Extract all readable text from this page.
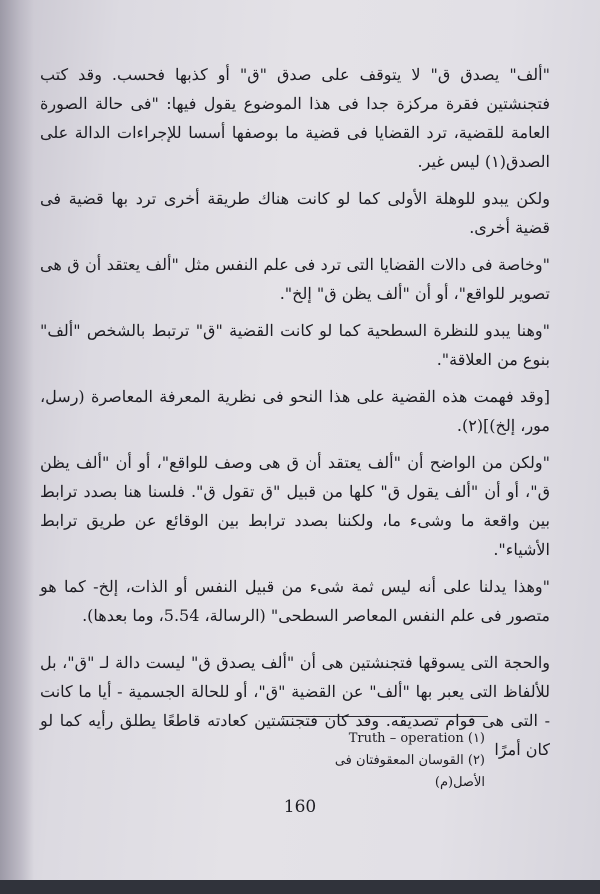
"ألف" يصدق ق" لا يتوقف على صدق "ق" أو كذبها فحسب. وقد كتب فتجنشتين فقرة مركزة جدا فى هذا الموضوع يقول فيها: "فى حالة الصورة العامة للقضية، ترد القضايا فى قضية ما بوصفها أسسا للإجراءات الدالة على الصدق(١) ليس غير.

ولكن يبدو للوهلة الأولى كما لو كانت هناك طريقة أخرى ترد بها قضية فى قضية أخرى.

"وخاصة فى دالات القضايا التى ترد فى علم النفس مثل "ألف يعتقد أن ق هى تصوير للواقع"، أو أن "ألف يظن ق" إلخ".

"وهنا يبدو للنظرة السطحية كما لو كانت القضية "ق" ترتبط بالشخص "ألف" بنوع من العلاقة".

[وقد فهمت هذه القضية على هذا النحو فى نظرية المعرفة المعاصرة (رسل، مور، إلخ)](٢).

"ولكن من الواضح أن "ألف يعتقد أن ق هى وصف للواقع"، أو أن "ألف يظن ق"، أو أن "ألف يقول ق" كلها من قبيل "ق تقول ق". فلسنا هنا بصدد ترابط بين واقعة ما وشىء ما، ولكننا بصدد ترابط بين الوقائع عن طريق ترابط الأشياء".

"وهذا يدلنا على أنه ليس ثمة شىء من قبيل النفس أو الذات، إلخ- كما هو متصور فى علم النفس المعاصر السطحى" (الرسالة، 5.54، وما بعدها).

والحجة التى يسوقها فتجنشتين هى أن "ألف يصدق ق" ليست دالة لـ "ق"، بل للألفاظ التى يعبر بها "ألف" عن القضية "ق"، أو للحالة الجسمية - أيا ما كانت - التى هى قوام تصديقه. وقد كان فتجنشتين كعادته قاطعًا يطلق رأيه كما لو كان أمرًا

(١) Truth – operation

(٢) القوسان المعقوفتان فى الأصل(م)

160
